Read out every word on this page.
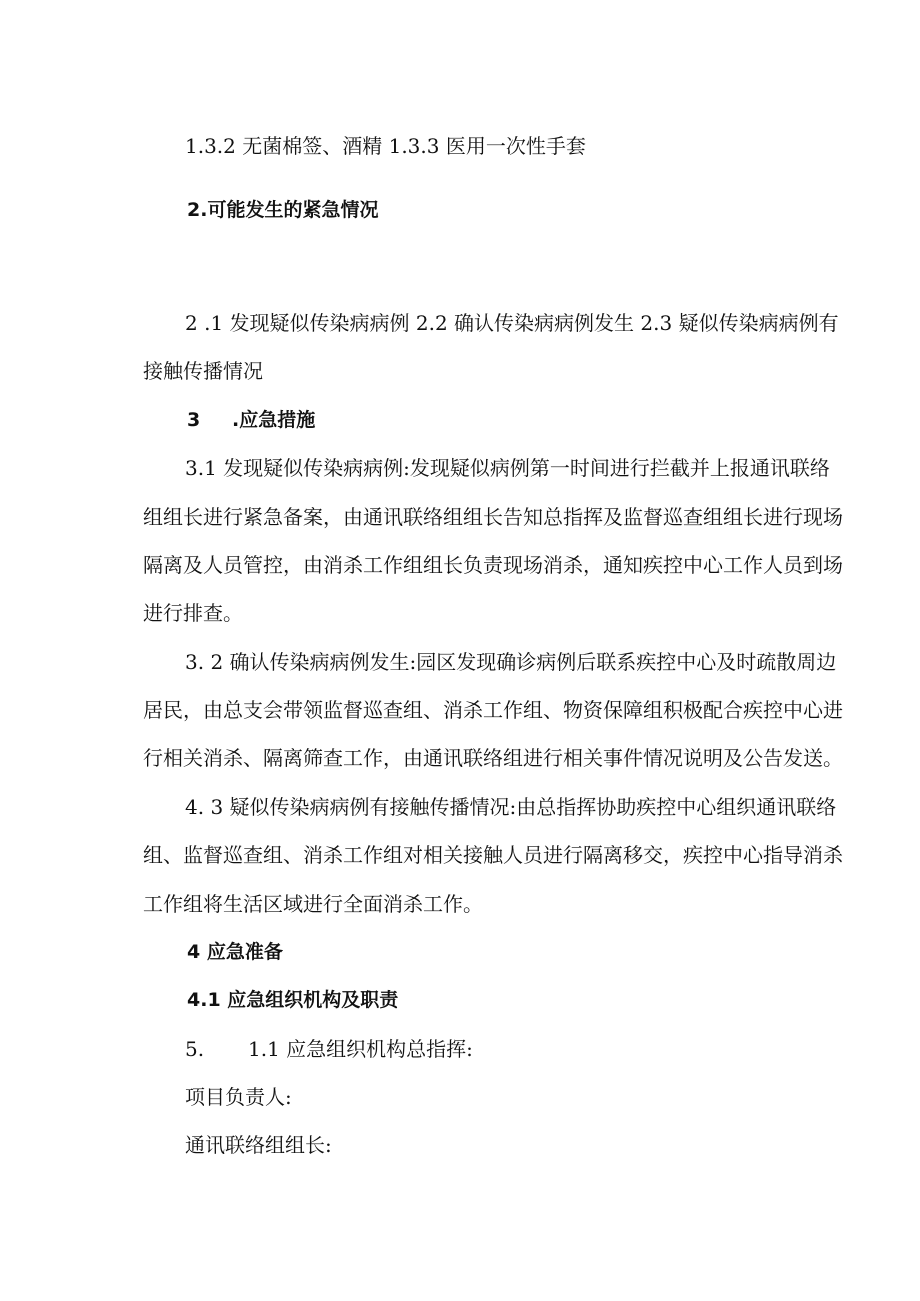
1.3.2 无菌棉签、酒精 1.3.3 医用一次性手套
2.可能发生的紧急情况
2 .1 发现疑似传染病病例 2.2 确认传染病病例发生 2.3 疑似传染病病例有
接触传播情况
3 .应急措施
3.1 发现疑似传染病病例:发现疑似病例第一时间进行拦截并上报通讯联络
组组长进行紧急备案，由通讯联络组组长告知总指挥及监督巡查组组长进行现场
隔离及人员管控，由消杀工作组组长负责现场消杀，通知疾控中心工作人员到场
进行排查。
3. 2 确认传染病病例发生:园区发现确诊病例后联系疾控中心及时疏散周边
居民，由总支会带领监督巡查组、消杀工作组、物资保障组积极配合疾控中心进
行相关消杀、隔离筛查工作，由通讯联络组进行相关事件情况说明及公告发送。
4. 3 疑似传染病病例有接触传播情况:由总指挥协助疾控中心组织通讯联络
组、监督巡查组、消杀工作组对相关接触人员进行隔离移交，疾控中心指导消杀
工作组将生活区域进行全面消杀工作。
4 应急准备
4.1 应急组织机构及职责
5. 1.1 应急组织机构总指挥:
项目负责人:
通讯联络组组长:
